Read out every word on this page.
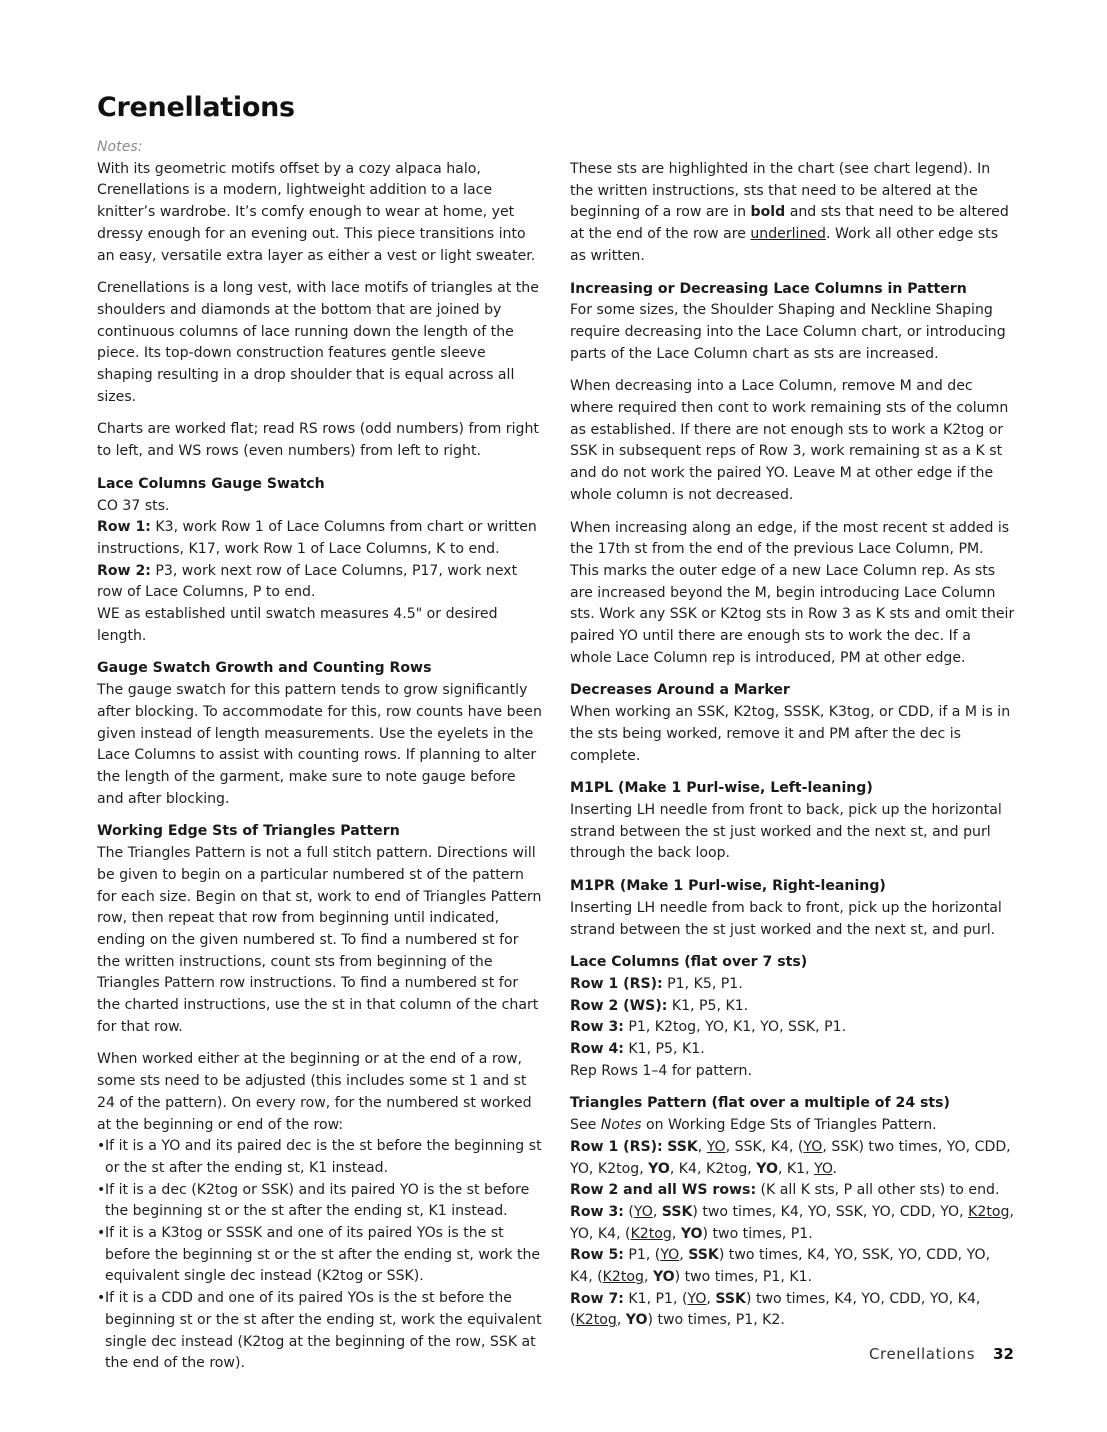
Crenellations

Notes:

With its geometric motifs offset by a cozy alpaca halo, Crenellations is a modern, lightweight addition to a lace knitter’s wardrobe. It’s comfy enough to wear at home, yet dressy enough for an evening out. This piece transitions into an easy, versatile extra layer as either a vest or light sweater.

Crenellations is a long vest, with lace motifs of triangles at the shoulders and diamonds at the bottom that are joined by continuous columns of lace running down the length of the piece. Its top-down construction features gentle sleeve shaping resulting in a drop shoulder that is equal across all sizes.

Charts are worked flat; read RS rows (odd numbers) from right to left, and WS rows (even numbers) from left to right.

Lace Columns Gauge Swatch
CO 37 sts.
Row 1: K3, work Row 1 of Lace Columns from chart or written instructions, K17, work Row 1 of Lace Columns, K to end.
Row 2: P3, work next row of Lace Columns, P17, work next row of Lace Columns, P to end.

WE as established until swatch measures 4.5" or desired length.

Gauge Swatch Growth and Counting Rows

The gauge swatch for this pattern tends to grow significantly after blocking. To accommodate for this, row counts have been given instead of length measurements. Use the eyelets in the Lace Columns to assist with counting rows. If planning to alter the length of the garment, make sure to note gauge before and after blocking.

Working Edge Sts of Triangles Pattern

The Triangles Pattern is not a full stitch pattern. Directions will be given to begin on a particular numbered st of the pattern for each size. Begin on that st, work to end of Triangles Pattern row, then repeat that row from beginning until indicated, ending on the given numbered st. To find a numbered st for the written instructions, count sts from beginning of the Triangles Pattern row instructions. To find a numbered st for the charted instructions, use the st in that column of the chart for that row.

When worked either at the beginning or at the end of a row, some sts need to be adjusted (this includes some st 1 and st 24 of the pattern). On every row, for the numbered st worked at the beginning or end of the row:
• If it is a YO and its paired dec is the st before the beginning st or the st after the ending st, K1 instead.
• If it is a dec (K2tog or SSK) and its paired YO is the st before the beginning st or the st after the ending st, K1 instead.
• If it is a K3tog or SSSK and one of its paired YOs is the st before the beginning st or the st after the ending st, work the equivalent single dec instead (K2tog or SSK).
• If it is a CDD and one of its paired YOs is the st before the beginning st or the st after the ending st, work the equivalent single dec instead (K2tog at the beginning of the row, SSK at the end of the row).

These sts are highlighted in the chart (see chart legend). In the written instructions, sts that need to be altered at the beginning of a row are in bold and sts that need to be altered at the end of the row are underlined. Work all other edge sts as written.

Increasing or Decreasing Lace Columns in Pattern

For some sizes, the Shoulder Shaping and Neckline Shaping require decreasing into the Lace Column chart, or introducing parts of the Lace Column chart as sts are increased.

When decreasing into a Lace Column, remove M and dec where required then cont to work remaining sts of the column as established. If there are not enough sts to work a K2tog or SSK in subsequent reps of Row 3, work remaining st as a K st and do not work the paired YO. Leave M at other edge if the whole column is not decreased.

When increasing along an edge, if the most recent st added is the 17th st from the end of the previous Lace Column, PM. This marks the outer edge of a new Lace Column rep. As sts are increased beyond the M, begin introducing Lace Column sts. Work any SSK or K2tog sts in Row 3 as K sts and omit their paired YO until there are enough sts to work the dec. If a whole Lace Column rep is introduced, PM at other edge.

Decreases Around a Marker

When working an SSK, K2tog, SSSK, K3tog, or CDD, if a M is in the sts being worked, remove it and PM after the dec is complete.

M1PL (Make 1 Purl-wise, Left-leaning)

Inserting LH needle from front to back, pick up the horizontal strand between the st just worked and the next st, and purl through the back loop.

M1PR (Make 1 Purl-wise, Right-leaning)

Inserting LH needle from back to front, pick up the horizontal strand between the st just worked and the next st, and purl.

Lace Columns (flat over 7 sts)
Row 1 (RS): P1, K5, P1.
Row 2 (WS): K1, P5, K1.
Row 3: P1, K2tog, YO, K1, YO, SSK, P1.
Row 4: K1, P5, K1.

Rep Rows 1–4 for pattern.

Triangles Pattern (flat over a multiple of 24 sts)
See Notes on Working Edge Sts of Triangles Pattern.
Row 1 (RS): SSK, YO, SSK, K4, (YO, SSK) two times, YO, CDD, YO, K2tog, YO, K4, K2tog, YO, K1, YO.
Row 2 and all WS rows: (K all K sts, P all other sts) to end.
Row 3: (YO, SSK) two times, K4, YO, SSK, YO, CDD, YO, K2tog, YO, K4, (K2tog, YO) two times, P1.
Row 5: P1, (YO, SSK) two times, K4, YO, SSK, YO, CDD, YO, K4, (K2tog, YO) two times, P1, K1.
Row 7: K1, P1, (YO, SSK) two times, K4, YO, CDD, YO, K4, (K2tog, YO) two times, P1, K2.
Crenellations 32
